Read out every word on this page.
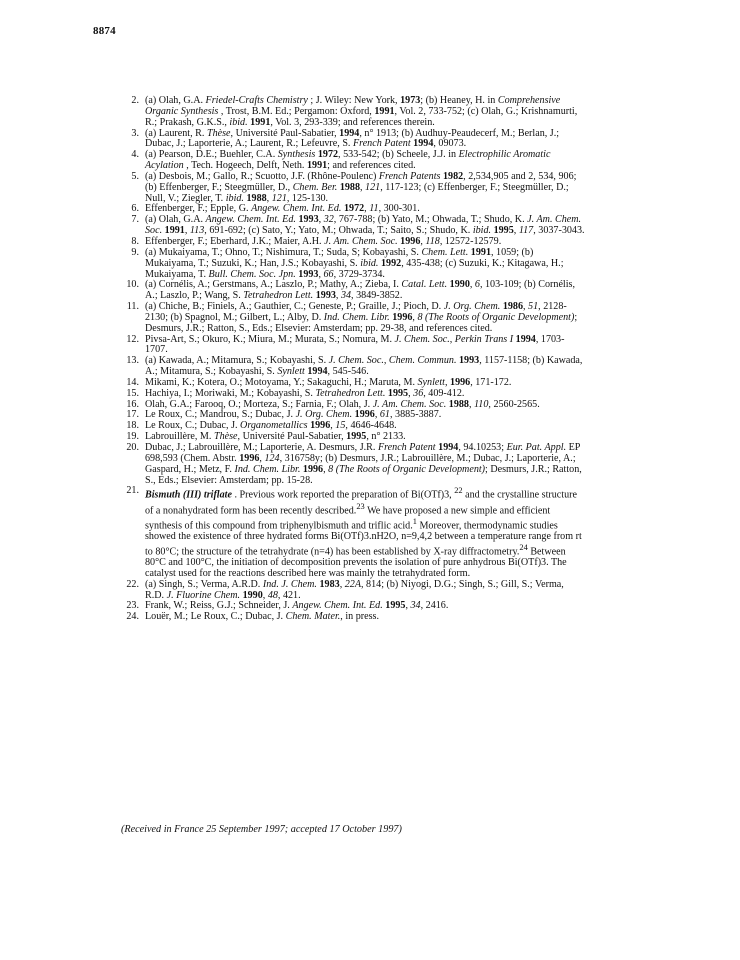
8874
2. (a) Olah, G.A. Friedel-Crafts Chemistry ; J. Wiley: New York, 1973; (b) Heaney, H. in Comprehensive Organic Synthesis , Trost, B.M. Ed.; Pergamon: Oxford, 1991, Vol. 2, 733-752; (c) Olah, G.; Krishnamurti, R.; Prakash, G.K.S., ibid. 1991, Vol. 3, 293-339; and references therein.
3. (a) Laurent, R. Thèse, Université Paul-Sabatier, 1994, n° 1913; (b) Audhuy-Peaudecerf, M.; Berlan, J.; Dubac, J.; Laporterie, A.; Laurent, R.; Lefeuvre, S. French Patent 1994, 09073.
4. (a) Pearson, D.E.; Buehler, C.A. Synthesis 1972, 533-542; (b) Scheele, J.J. in Electrophilic Aromatic Acylation , Tech. Hogeech, Delft, Neth. 1991; and references cited.
5. (a) Desbois, M.; Gallo, R.; Scuotto, J.F. (Rhône-Poulenc) French Patents 1982, 2,534,905 and 2, 534, 906; (b) Effenberger, F.; Steegmüller, D., Chem. Ber. 1988, 121, 117-123; (c) Effenberger, F.; Steegmüller, D.; Null, V.; Ziegler, T. ibid. 1988, 121, 125-130.
6. Effenberger, F.; Epple, G. Angew. Chem. Int. Ed. 1972, 11, 300-301.
7. (a) Olah, G.A. Angew. Chem. Int. Ed. 1993, 32, 767-788; (b) Yato, M.; Ohwada, T.; Shudo, K. J. Am. Chem. Soc. 1991, 113, 691-692; (c) Sato, Y.; Yato, M.; Ohwada, T.; Saito, S.; Shudo, K. ibid. 1995, 117, 3037-3043.
8. Effenberger, F.; Eberhard, J.K.; Maier, A.H. J. Am. Chem. Soc. 1996, 118, 12572-12579.
9. (a) Mukaiyama, T.; Ohno, T.; Nishimura, T.; Suda, S; Kobayashi, S. Chem. Lett. 1991, 1059; (b) Mukaiyama, T.; Suzuki, K.; Han, J.S.; Kobayashi, S. ibid. 1992, 435-438; (c) Suzuki, K.; Kitagawa, H.; Mukaiyama, T. Bull. Chem. Soc. Jpn. 1993, 66, 3729-3734.
10. (a) Cornélis, A.; Gerstmans, A.; Laszlo, P.; Mathy, A.; Zieba, I. Catal. Lett. 1990, 6, 103-109; (b) Cornélis, A.; Laszlo, P.; Wang, S. Tetrahedron Lett. 1993, 34, 3849-3852.
11. (a) Chiche, B.; Finiels, A.; Gauthier, C.; Geneste, P.; Graille, J.; Pioch, D. J. Org. Chem. 1986, 51, 2128-2130; (b) Spagnol, M.; Gilbert, L.; Alby, D. Ind. Chem. Libr. 1996, 8 (The Roots of Organic Development); Desmurs, J.R.; Ratton, S., Eds.; Elsevier: Amsterdam; pp. 29-38, and references cited.
12. Pivsa-Art, S.; Okuro, K.; Miura, M.; Murata, S.; Nomura, M. J. Chem. Soc., Perkin Trans I 1994, 1703-1707.
13. (a) Kawada, A.; Mitamura, S.; Kobayashi, S. J. Chem. Soc., Chem. Commun. 1993, 1157-1158; (b) Kawada, A.; Mitamura, S.; Kobayashi, S. Synlett 1994, 545-546.
14. Mikami, K.; Kotera, O.; Motoyama, Y.; Sakaguchi, H.; Maruta, M. Synlett, 1996, 171-172.
15. Hachiya, I.; Moriwaki, M.; Kobayashi, S. Tetrahedron Lett. 1995, 36, 409-412.
16. Olah, G.A.; Farooq, O.; Morteza, S.; Farnia, F.; Olah, J. J. Am. Chem. Soc. 1988, 110, 2560-2565.
17. Le Roux, C.; Mandrou, S.; Dubac, J. J. Org. Chem. 1996, 61, 3885-3887.
18. Le Roux, C.; Dubac, J. Organometallics 1996, 15, 4646-4648.
19. Labrouillère, M. Thèse, Université Paul-Sabatier, 1995, n° 2133.
20. Dubac, J.; Labrouillère, M.; Laporterie, A. Desmurs, J.R. French Patent 1994, 94.10253; Eur. Pat. Appl. EP 698,593 (Chem. Abstr. 1996, 124, 316758y; (b) Desmurs, J.R.; Labrouillère, M.; Dubac, J.; Laporterie, A.; Gaspard, H.; Metz, F. Ind. Chem. Libr. 1996, 8 (The Roots of Organic Development); Desmurs, J.R.; Ratton, S., Eds.; Elsevier: Amsterdam; pp. 15-28.
21. Bismuth (III) triflate . Previous work reported the preparation of Bi(OTf)3, $^{22}$ and the crystalline structure of a nonahydrated form has been recently described.$^{23}$ We have proposed a new simple and efficient synthesis of this compound from triphenylbismuth and triflic acid.$^1$ Moreover, thermodynamic studies showed the existence of three hydrated forms Bi(OTf)3.nH2O, n=9,4,2 between a temperature range from rt to 80°C; the structure of the tetrahydrate (n=4) has been established by X-ray diffractometry.$^{24}$ Between 80°C and 100°C, the initiation of decomposition prevents the isolation of pure anhydrous Bi(OTf)3. The catalyst used for the reactions described here was mainly the tetrahydrated form.
22. (a) Singh, S.; Verma, A.R.D. Ind. J. Chem. 1983, 22A, 814; (b) Niyogi, D.G.; Singh, S.; Gill, S.; Verma, R.D. J. Fluorine Chem. 1990, 48, 421.
23. Frank, W.; Reiss, G.J.; Schneider, J. Angew. Chem. Int. Ed. 1995, 34, 2416.
24. Louër, M.; Le Roux, C.; Dubac, J. Chem. Mater., in press.
(Received in France 25 September 1997; accepted 17 October 1997)
